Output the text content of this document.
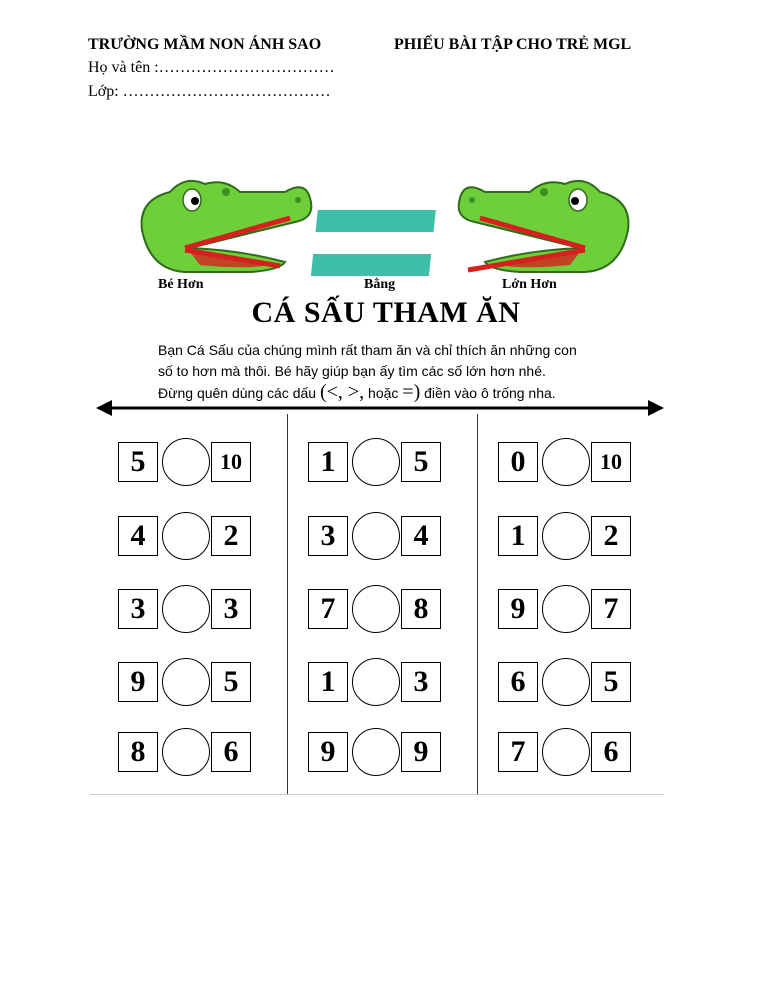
TRƯỜNG MẦM NON ÁNH SAO	PHIẾU BÀI TẬP CHO TRẺ MGL
Họ và tên :……………………………
Lớp: …………………………………
Bé Hơn	Bằng	Lớn Hơn
CÁ SẤU THAM ĂN

Bạn Cá Sấu của chúng mình rất tham ăn và chỉ thích ăn những con

số to hơn mà thôi. Bé hãy giúp bạn ấy tìm các số lớn hơn nhé.

Đừng quên dùng các dấu (<, >, hoặc =) điền vào ô trống nha.

5	10
4	2
3	3
9	5
8	6
1	5
3	4
7	8
1	3
9	9
0	10
1	2
9	7
6	5
7	6
